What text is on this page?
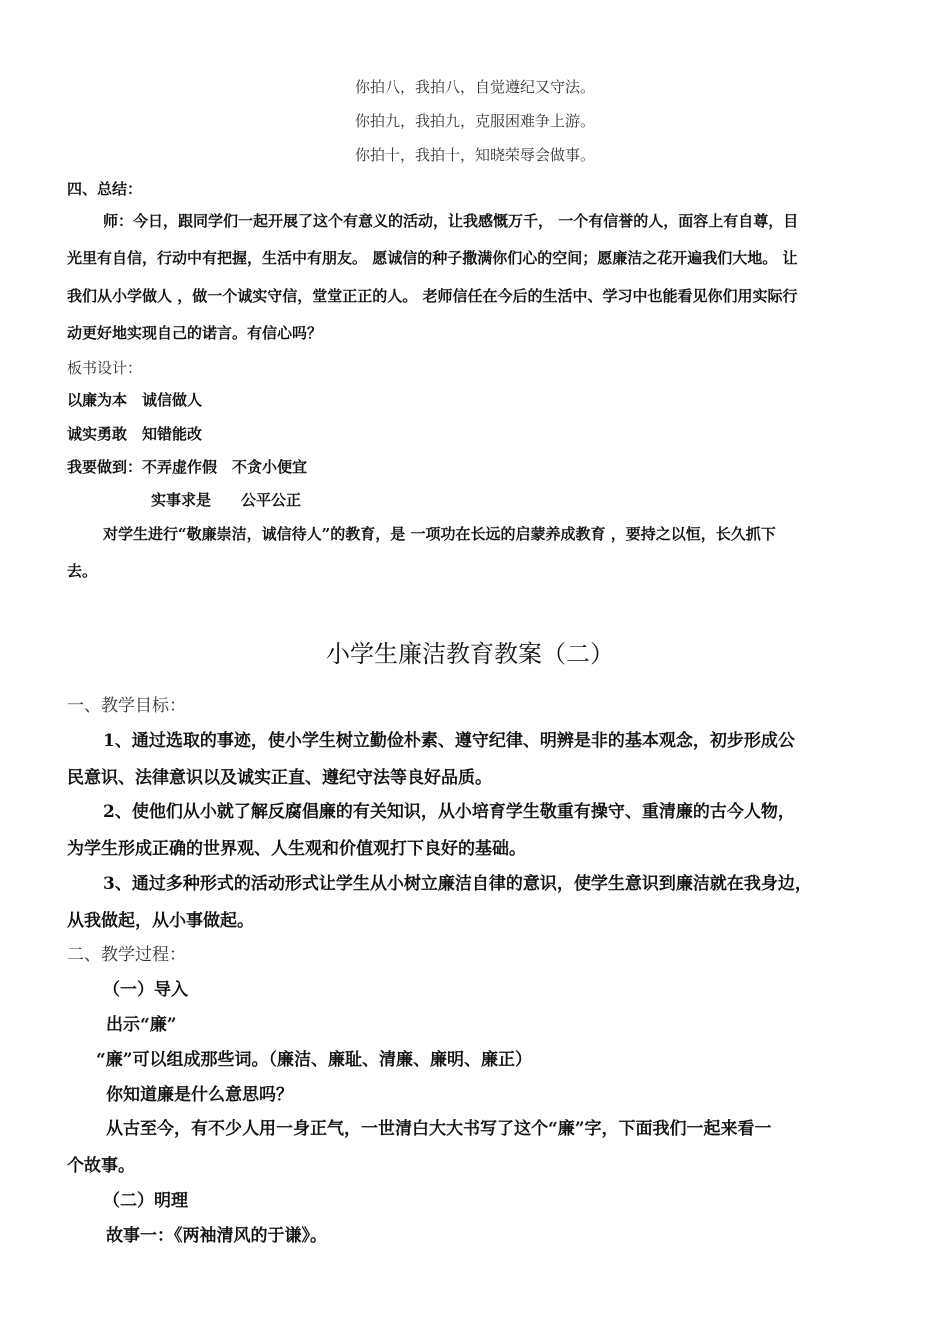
你拍八，我拍八，自觉遵纪又守法。
你拍九，我拍九，克服困难争上游。
你拍十，我拍十，知晓荣辱会做事。
四、总结：
师：今日，跟同学们一起开展了这个有意义的活动，让我感慨万千， 一个有信誉的人，面容上有自尊，目
光里有自信，行动中有把握，生活中有朋友。 愿诚信的种子撒满你们心的空间；愿廉洁之花开遍我们大地。 让
我们从小学做人 ，做一个诚实守信，堂堂正正的人。 老师信任在今后的生活中、学习中也能看见你们用实际行
动更好地实现自己的诺言。有信心吗？
板书设计：
以廉为本　诚信做人
诚实勇敢　知错能改
我要做到：不弄虚作假　不贪小便宜
实事求是　　公平公正
对学生进行“敬廉崇洁，诚信待人”的教育，是 一项功在长远的启蒙养成教育 ，要持之以恒，长久抓下
去。
小学生廉洁教育教案（二）
一、教学目标：
1、通过选取的事迹，使小学生树立勤俭朴素、遵守纪律、明辨是非的基本观念，初步形成公
民意识、法律意识以及诚实正直、遵纪守法等良好品质。
2、使他们从小就了解反腐倡廉的有关知识，从小培育学生敬重有操守、重清廉的古今人物，
为学生形成正确的世界观、人生观和价值观打下良好的基础。
3、通过多种形式的活动形式让学生从小树立廉洁自律的意识，使学生意识到廉洁就在我身边，
从我做起，从小事做起。
二、教学过程：
（一）导入
出示“廉”
“廉”可以组成那些词。（廉洁、廉耻、清廉、廉明、廉正）
你知道廉是什么意思吗？
从古至今，有不少人用一身正气，一世清白大大书写了这个“廉”字，下面我们一起来看一
个故事。
（二）明理
故事一：《两袖清风的于谦》。
